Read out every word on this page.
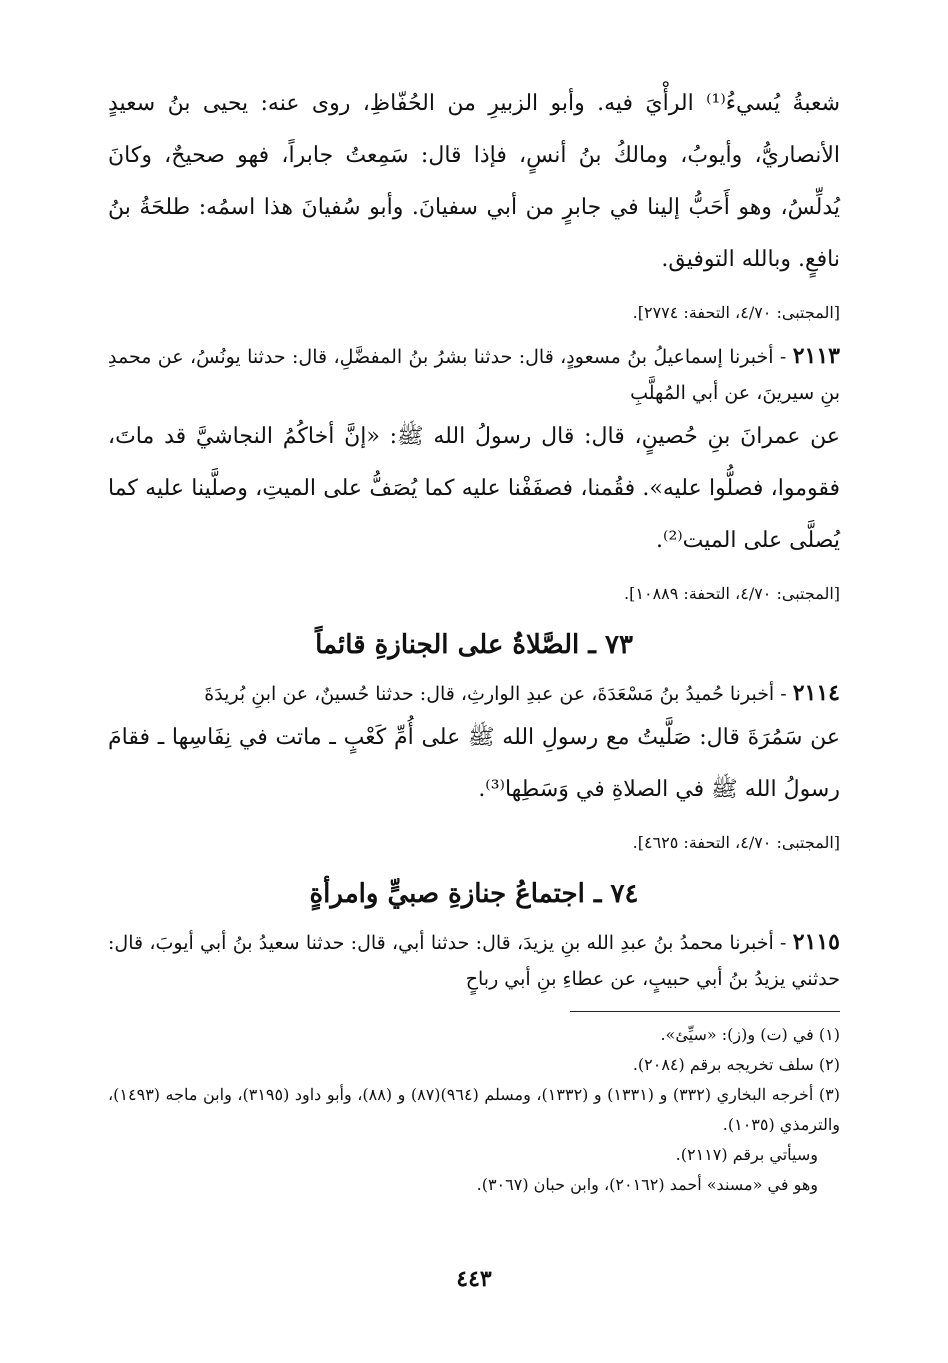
شعبةُ يُسيءُ⁽¹⁾ الرأْيَ فيه. وأبو الزبيرِ من الحُفّاظِ، روى عنه: يحيى بنُ سعيدٍ الأنصاريُّ، وأيوبُ، ومالكُ بنُ أنسٍ، فإذا قال: سَمِعتُ جابراً، فهو صحيحٌ، وكانَ يُدلِّسُ، وهو أَحَبُّ إلينا في جابرٍ من أبي سفيانَ. وأبو سُفيانَ هذا اسمُه: طلحَةُ بنُ نافعٍ. وبالله التوفيق.

[المجتبى: ٤/٧٠، التحفة: ٢٧٧٤].

٢١١٣ - أخبرنا إسماعيلُ بنُ مسعودٍ، قال: حدثنا بشرُ بنُ المفضَّلِ، قال: حدثنا يونُسُ، عن محمدِ بنِ سيرينَ، عن أبي المُهلَّبِ

عن عمرانَ بنِ حُصينٍ، قال: قال رسولُ الله ﷺ: «إنَّ أخاكُمُ النجاشيَّ قد ماتَ، فقوموا، فصلُّوا عليه». فقُمنا، فصفَفْنا عليه كما يُصَفُّ على الميتِ، وصلَّينا عليه كما يُصلَّى على الميت⁽²⁾.

[المجتبى: ٤/٧٠، التحفة: ١٠٨٨٩].

٧٣ ـ الصَّلاةُ على الجنازةِ قائماً

٢١١٤ - أخبرنا حُميدُ بنُ مَسْعَدَةَ، عن عبدِ الوارثِ، قال: حدثنا حُسينٌ، عن ابنِ بُريدَةَ

عن سَمُرَةَ قال: صَلَّيتُ مع رسولِ الله ﷺ على أُمِّ كَعْبٍ ـ ماتت في نِفَاسِها ـ فقامَ رسولُ الله ﷺ في الصلاةِ في وَسَطِها⁽³⁾.

[المجتبى: ٤/٧٠، التحفة: ٤٦٢٥].

٧٤ ـ اجتماعُ جنازةِ صبيٍّ وامرأةٍ

٢١١٥ - أخبرنا محمدُ بنُ عبدِ الله بنِ يزيدَ، قال: حدثنا أبي، قال: حدثنا سعيدُ بنُ أبي أيوبَ، قال: حدثني يزيدُ بنُ أبي حبيبٍ، عن عطاءِ بنِ أبي رباحٍ

(١) في (ت) و(ز): «سيِّئ».

(٢) سلف تخريجه برقم (٢٠٨٤).

(٣) أخرجه البخاري (٣٣٢) و (١٣٣١) و (١٣٣٢)، ومسلم (٩٦٤)(٨٧) و (٨٨)، وأبو داود (٣١٩٥)، وابن ماجه (١٤٩٣)، والترمذي (١٠٣٥).

وسيأتي برقم (٢١١٧).

وهو في «مسند» أحمد (٢٠١٦٢)، وابن حبان (٣٠٦٧).

٤٤٣
